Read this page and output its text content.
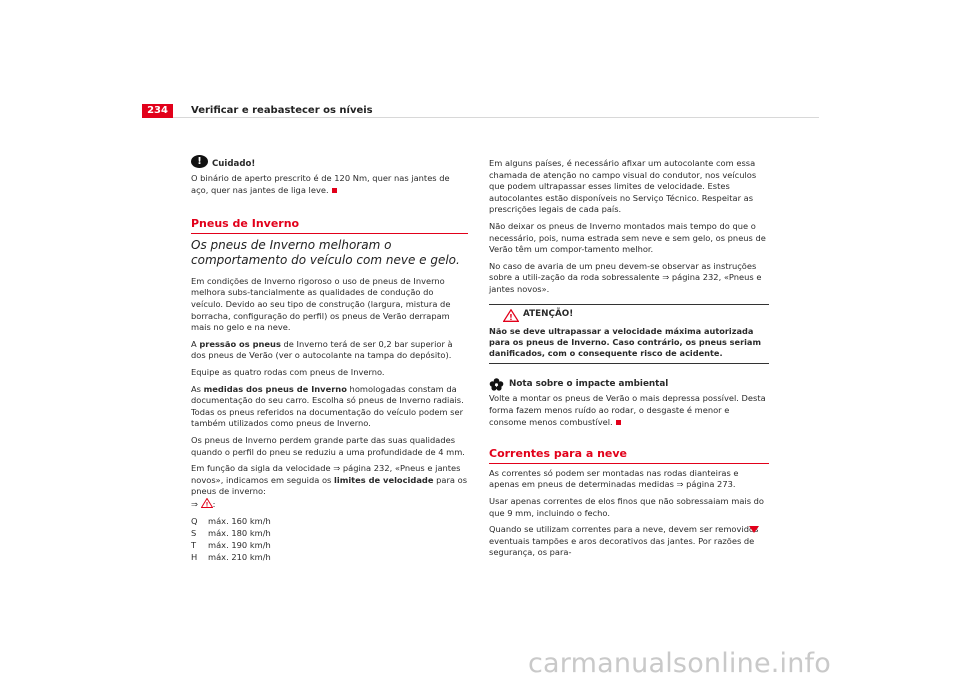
234	Verificar e reabastecer os níveis
!	Cuidado!

O binário de aperto prescrito é de 120 Nm, quer nas jantes de aço, quer nas jantes de liga leve.

Pneus de Inverno
Os pneus de Inverno melhoram o comportamento do veículo com neve e gelo.

Em condições de Inverno rigoroso o uso de pneus de Inverno melhora subs-tancialmente as qualidades de condução do veículo. Devido ao seu tipo de construção (largura, mistura de borracha, configuração do perfil) os pneus de Verão derrapam mais no gelo e na neve.

A pressão os pneus de Inverno terá de ser 0,2 bar superior à dos pneus de Verão (ver o autocolante na tampa do depósito).

Equipe as quatro rodas com pneus de Inverno.

As medidas dos pneus de Inverno homologadas constam da documentação do seu carro. Escolha só pneus de Inverno radiais. Todas os pneus referidos na documentação do veículo podem ser também utilizados como pneus de Inverno.

Os pneus de Inverno perdem grande parte das suas qualidades quando o perfil do pneu se reduziu a uma profundidade de 4 mm.

Em função da sigla da velocidade ⇒ página 232, «Pneus e jantes novos», indicamos em seguida os limites de velocidade para os pneus de inverno:
⇒ ! :

Q	máx. 160 km/h
S	máx. 180 km/h
T	máx. 190 km/h
H	máx. 210 km/h

Em alguns países, é necessário afixar um autocolante com essa chamada de atenção no campo visual do condutor, nos veículos que podem ultrapassar esses limites de velocidade. Estes autocolantes estão disponíveis no Serviço Técnico. Respeitar as prescrições legais de cada país.

Não deixar os pneus de Inverno montados mais tempo do que o necessário, pois, numa estrada sem neve e sem gelo, os pneus de Verão têm um compor-tamento melhor.

No caso de avaria de um pneu devem-se observar as instruções sobre a utili-zação da roda sobressalente ⇒ página 232, «Pneus e jantes novos».

! ATENÇÃO!
Não se deve ultrapassar a velocidade máxima autorizada para os pneus de Inverno. Caso contrário, os pneus seriam danificados, com o consequente risco de acidente.
Nota sobre o impacte ambiental

Volte a montar os pneus de Verão o mais depressa possível. Desta forma fazem menos ruído ao rodar, o desgaste é menor e consome menos combustível.

Correntes para a neve

As correntes só podem ser montadas nas rodas dianteiras e apenas em pneus de determinadas medidas ⇒ página 273.

Usar apenas correntes de elos finos que não sobressaiam mais do que 9 mm, incluindo o fecho.

Quando se utilizam correntes para a neve, devem ser removidos eventuais tampões e aros decorativos das jantes. Por razões de segurança, os para-

carmanualsonline.info
